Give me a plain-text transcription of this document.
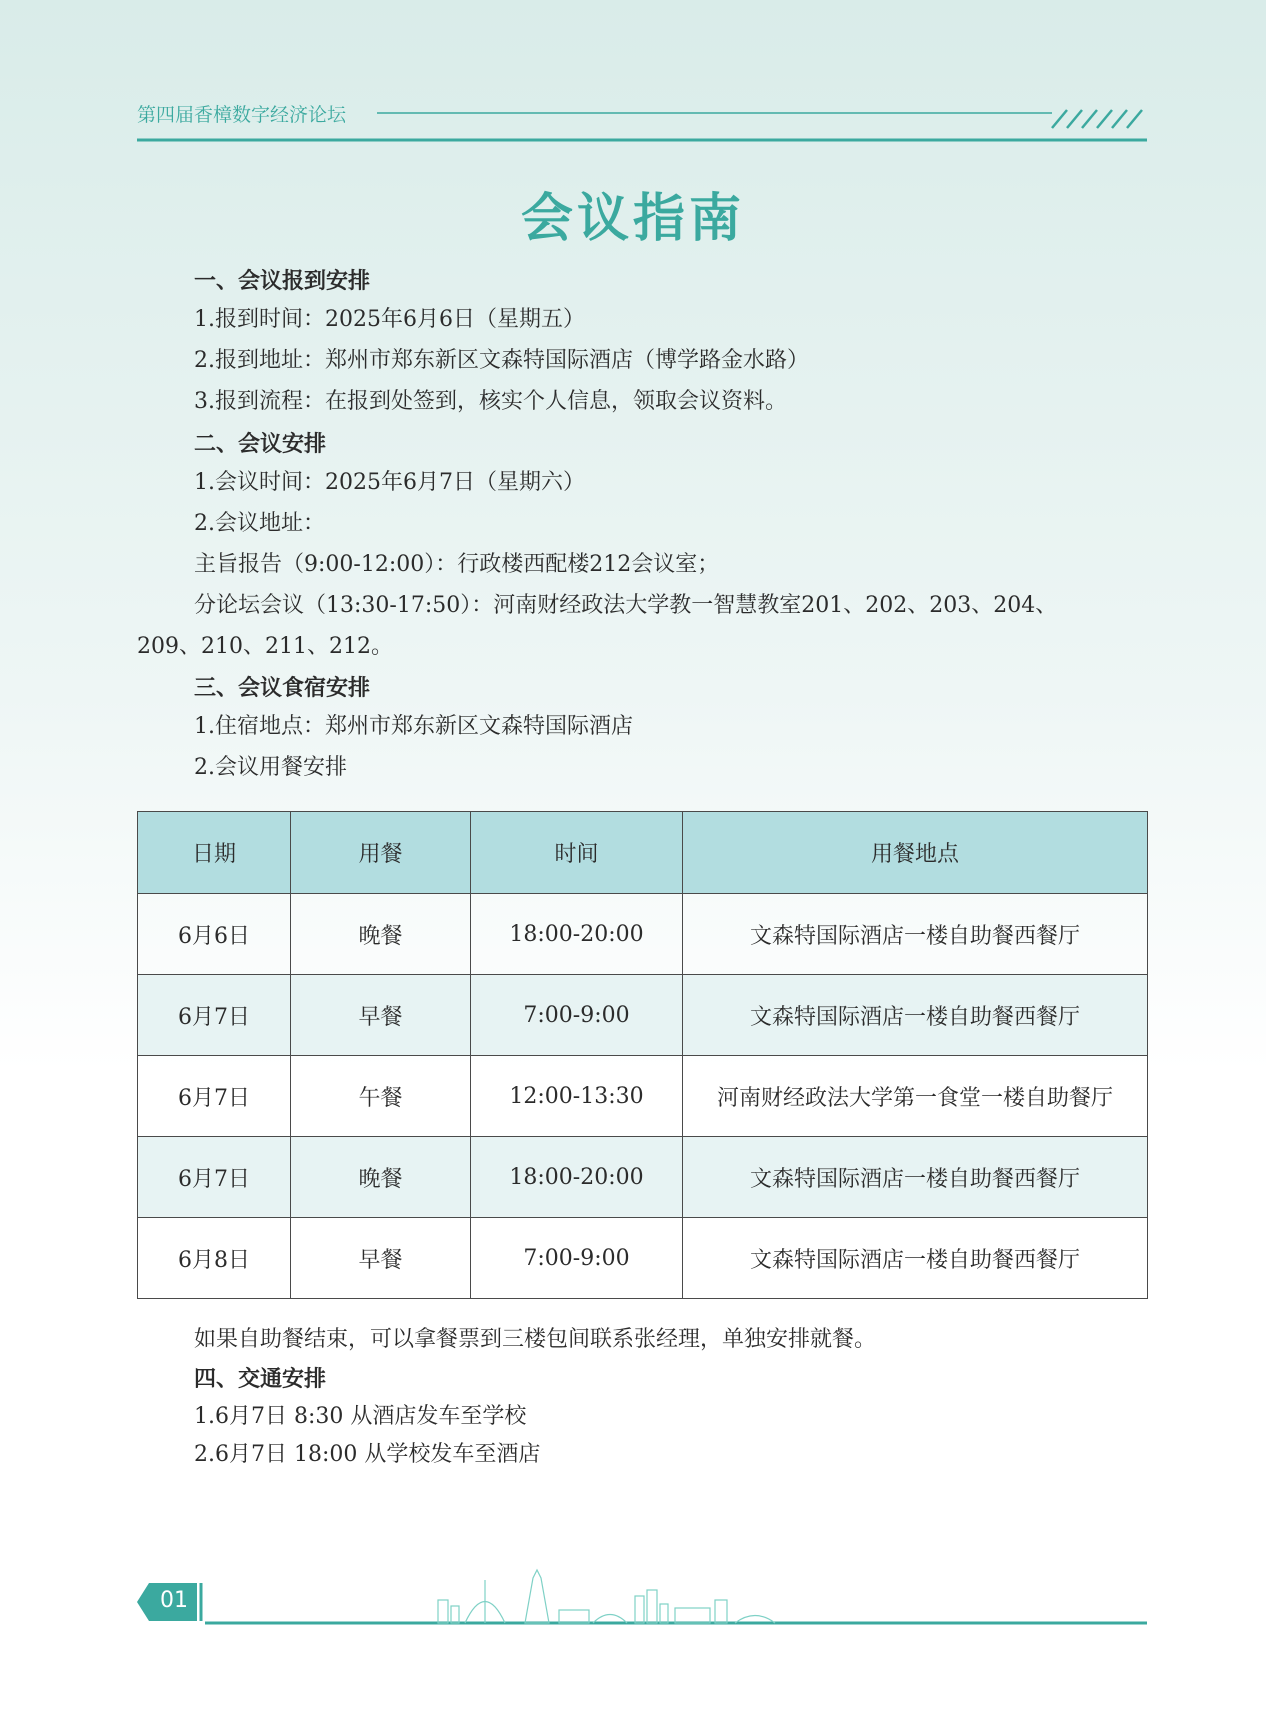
第四届香樟数字经济论坛
会议指南
一、会议报到安排
1.报到时间：2025年6月6日（星期五）
2.报到地址：郑州市郑东新区文森特国际酒店（博学路金水路）
3.报到流程：在报到处签到，核实个人信息，领取会议资料。
二、会议安排
1.会议时间：2025年6月7日（星期六）
2.会议地址：
主旨报告（9:00-12:00）：行政楼西配楼212会议室；
分论坛会议（13:30-17:50）：河南财经政法大学教一智慧教室201、202、203、204、
209、210、211、212。
三、会议食宿安排
1.住宿地点：郑州市郑东新区文森特国际酒店
2.会议用餐安排
日期	用餐	时间	用餐地点
6月6日	晚餐	18:00-20:00	文森特国际酒店一楼自助餐西餐厅
6月7日	早餐	7:00-9:00	文森特国际酒店一楼自助餐西餐厅
6月7日	午餐	12:00-13:30	河南财经政法大学第一食堂一楼自助餐厅
6月7日	晚餐	18:00-20:00	文森特国际酒店一楼自助餐西餐厅
6月8日	早餐	7:00-9:00	文森特国际酒店一楼自助餐西餐厅
如果自助餐结束，可以拿餐票到三楼包间联系张经理，单独安排就餐。
四、交通安排
1.6月7日 8:30 从酒店发车至学校
2.6月7日 18:00 从学校发车至酒店
01
